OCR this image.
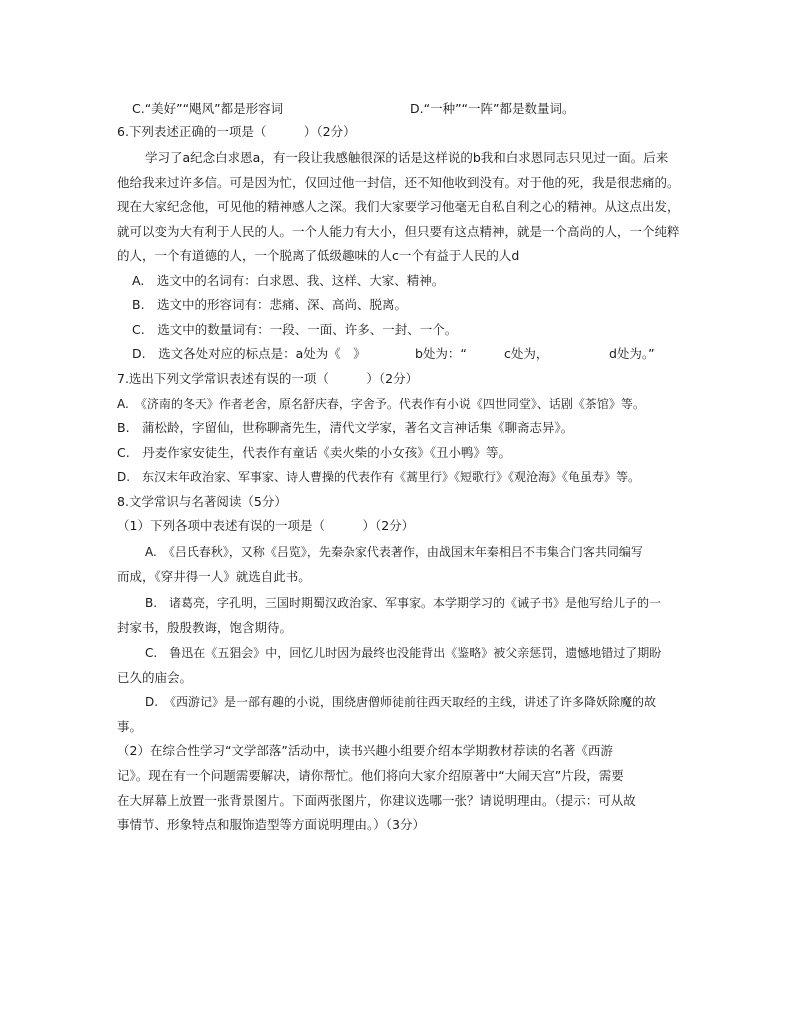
C.“美好”“飓风”都是形容词	D.“一种”“一阵”都是数量词。
6.下列表述正确的一项是（　　　）（2分）
学习了a纪念白求恩a，有一段让我感触很深的话是这样说的b我和白求恩同志只见过一面。后来
他给我来过许多信。可是因为忙，仅回过他一封信，还不知他收到没有。对于他的死，我是很悲痛的。
现在大家纪念他，可见他的精神感人之深。我们大家要学习他毫无自私自利之心的精神。从这点出发，
就可以变为大有利于人民的人。一个人能力有大小，但只要有这点精神，就是一个高尚的人，一个纯粹
的人，一个有道德的人，一个脱离了低级趣味的人c一个有益于人民的人d
A.　选文中的名词有：白求恩、我、这样、大家、精神。
B.　选文中的形容词有：悲痛、深、高尚、脱离。
C.　选文中的数量词有：一段、一面、许多、一封、一个。
D.　选文各处对应的标点是：a处为《　》	b处为：“	c处为，	d处为。”
7.选出下列文学常识表述有误的一项（　　　）（2分）
A.　《济南的冬天》作者老舍，原名舒庆春，字舍予。代表作有小说《四世同堂》、话剧《茶馆》等。
B.　蒲松龄，字留仙，世称聊斋先生，清代文学家，著名文言神话集《聊斋志异》。
C.　丹麦作家安徒生，代表作有童话《卖火柴的小女孩》《丑小鸭》等。
D.　东汉末年政治家、军事家、诗人曹操的代表作有《蒿里行》《短歌行》《观沧海》《龟虽寿》等。
8.文学常识与名著阅读（5分）
（1）下列各项中表述有误的一项是（　　　）（2分）
A.　《吕氏春秋》，又称《吕览》，先秦杂家代表著作，由战国末年秦相吕不韦集合门客共同编写
而成，《穿井得一人》就选自此书。
B.　诸葛亮，字孔明，三国时期蜀汉政治家、军事家。本学期学习的《诫子书》是他写给儿子的一
封家书，殷殷教诲，饱含期待。
C.　鲁迅在《五猖会》中，回忆儿时因为最终也没能背出《鉴略》被父亲惩罚，遗憾地错过了期盼
已久的庙会。
D.　《西游记》是一部有趣的小说，围绕唐僧师徒前往西天取经的主线，讲述了许多降妖除魔的故
事。
（2）在综合性学习“文学部落”活动中，读书兴趣小组要介绍本学期教材荐读的名著《西游
记》。现在有一个问题需要解决，请你帮忙。他们将向大家介绍原著中“大闹天宫”片段，需要
在大屏幕上放置一张背景图片。下面两张图片，你建议选哪一张？请说明理由。（提示：可从故
事情节、形象特点和服饰造型等方面说明理由。）（3分）
